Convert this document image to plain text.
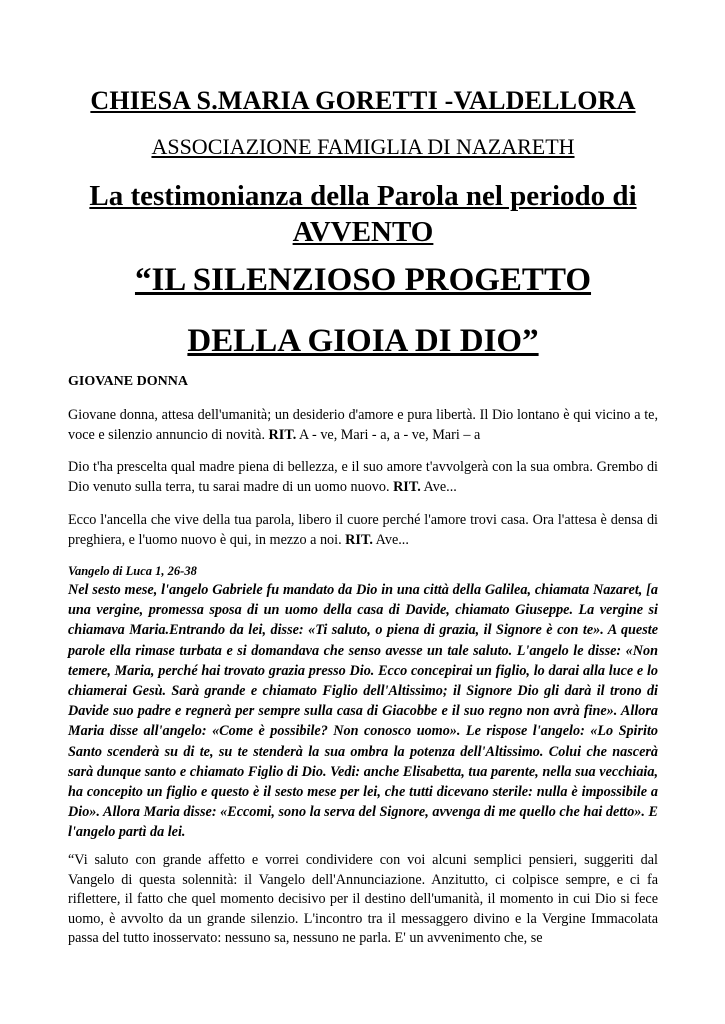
CHIESA S.MARIA GORETTI -VALDELLORA
ASSOCIAZIONE FAMIGLIA DI NAZARETH
La testimonianza della Parola nel periodo di
AVVENTO
“IL SILENZIOSO PROGETTO
DELLA GIOIA DI DIO”
GIOVANE DONNA
Giovane donna, attesa dell'umanità; un desiderio d'amore e pura libertà. Il Dio lontano è qui vicino a te, voce e silenzio annuncio di novità. RIT. A - ve, Mari - a, a - ve, Mari – a
Dio t'ha prescelta qual madre piena di bellezza, e il suo amore t'avvolgerà con la sua ombra. Grembo di Dio venuto sulla terra, tu sarai madre di un uomo nuovo. RIT. Ave...
Ecco l'ancella che vive della tua parola, libero il cuore perché l'amore trovi casa. Ora l'attesa è densa di preghiera, e l'uomo nuovo è qui, in mezzo a noi. RIT. Ave...
Vangelo di Luca 1, 26-38
Nel sesto mese, l'angelo Gabriele fu mandato da Dio in una città della Galilea, chiamata Nazaret, [a una vergine, promessa sposa di un uomo della casa di Davide, chiamato Giuseppe. La vergine si chiamava Maria.Entrando da lei, disse: «Ti saluto, o piena di grazia, il Signore è con te». A queste parole ella rimase turbata e si domandava che senso avesse un tale saluto. L'angelo le disse: «Non temere, Maria, perché hai trovato grazia presso Dio. Ecco concepirai un figlio, lo darai alla luce e lo chiamerai Gesù. Sarà grande e chiamato Figlio dell'Altissimo; il Signore Dio gli darà il trono di Davide suo padre e regnerà per sempre sulla casa di Giacobbe e il suo regno non avrà fine». Allora Maria disse all'angelo: «Come è possibile? Non conosco uomo». Le rispose l'angelo: «Lo Spirito Santo scenderà su di te, su te stenderà la sua ombra la potenza dell'Altissimo. Colui che nascerà sarà dunque santo e chiamato Figlio di Dio. Vedi: anche Elisabetta, tua parente, nella sua vecchiaia, ha concepito un figlio e questo è il sesto mese per lei, che tutti dicevano sterile: nulla è impossibile a Dio». Allora Maria disse: «Eccomi, sono la serva del Signore, avvenga di me quello che hai detto». E l'angelo partì da lei.
“Vi saluto con grande affetto e vorrei condividere con voi alcuni semplici pensieri, suggeriti dal Vangelo di questa solennità: il Vangelo dell'Annunciazione. Anzitutto, ci colpisce sempre, e ci fa riflettere, il fatto che quel momento decisivo per il destino dell'umanità, il momento in cui Dio si fece uomo, è avvolto da un grande silenzio. L'incontro tra il messaggero divino e la Vergine Immacolata passa del tutto inosservato: nessuno sa, nessuno ne parla. E' un avvenimento che, se
